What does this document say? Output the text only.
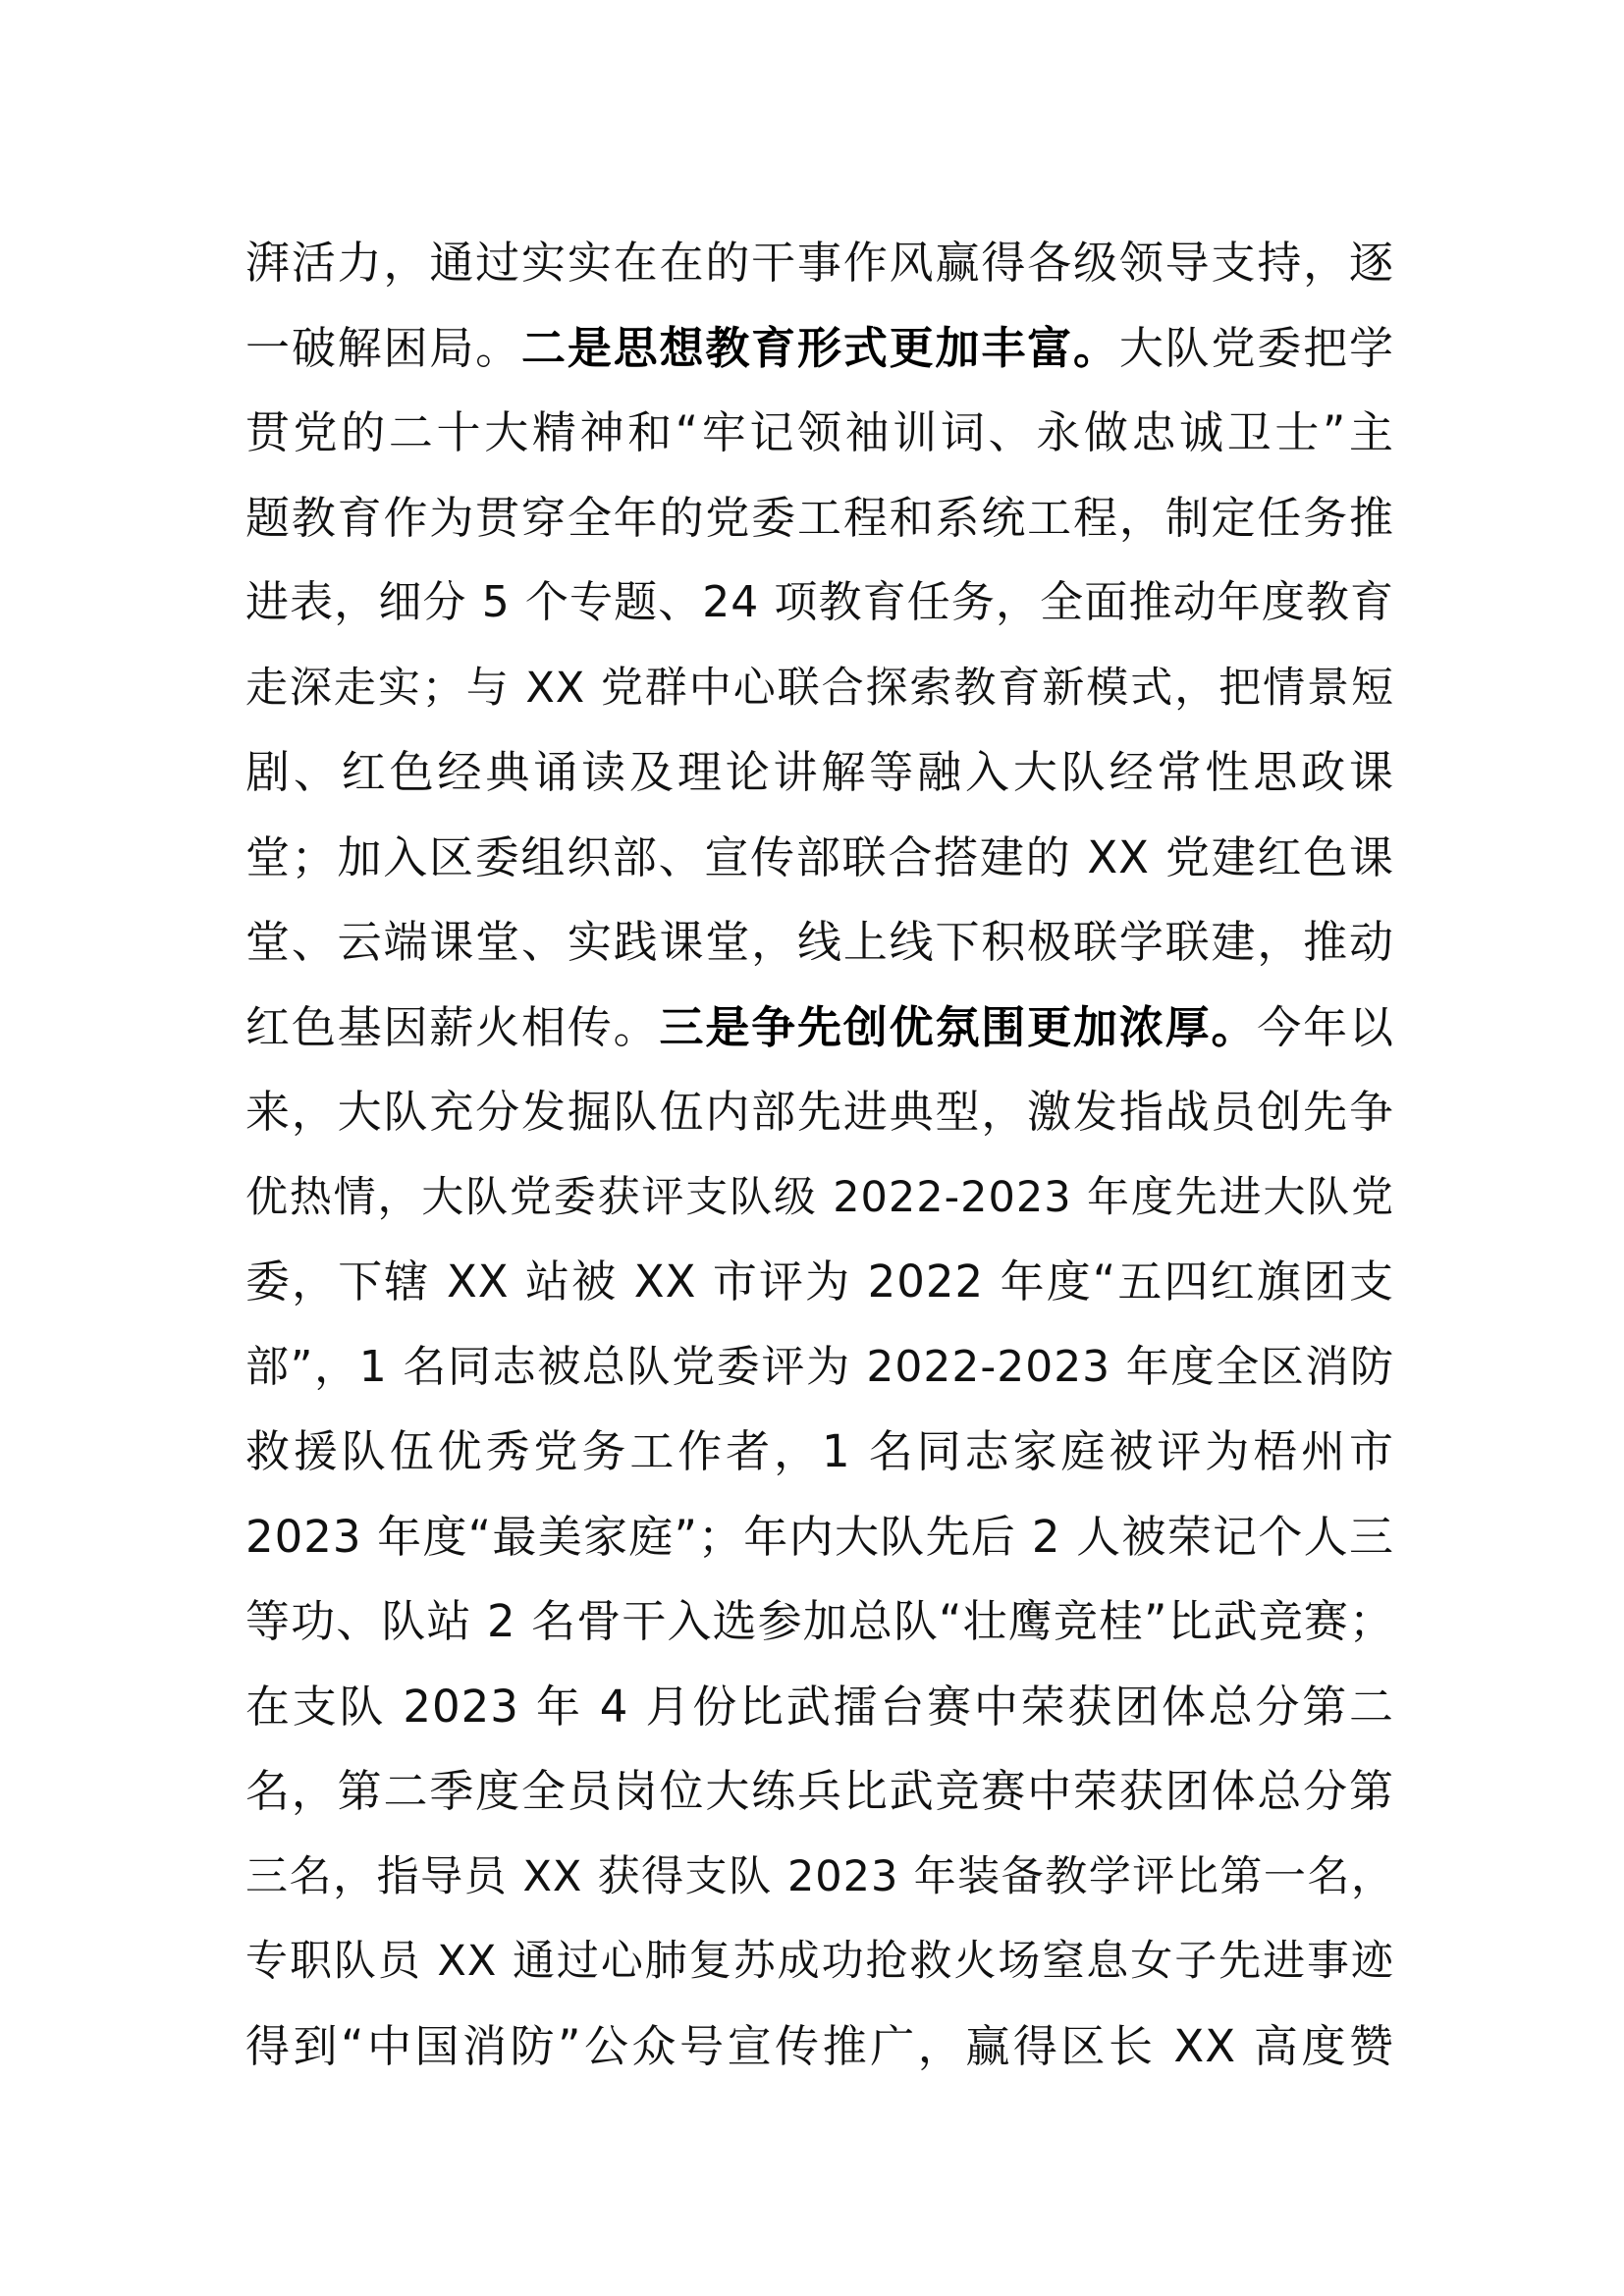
湃活力，通过实实在在的干事作风赢得各级领导支持，逐
一破解困局。二是思想教育形式更加丰富。大队党委把学
贯党的二十大精神和“牢记领袖训词、永做忠诚卫士”主
题教育作为贯穿全年的党委工程和系统工程，制定任务推
进表，细分 5 个专题、24 项教育任务，全面推动年度教育
走深走实；与 XX 党群中心联合探索教育新模式，把情景短
剧、红色经典诵读及理论讲解等融入大队经常性思政课
堂；加入区委组织部、宣传部联合搭建的 XX 党建红色课
堂、云端课堂、实践课堂，线上线下积极联学联建，推动
红色基因薪火相传。三是争先创优氛围更加浓厚。今年以
来，大队充分发掘队伍内部先进典型，激发指战员创先争
优热情，大队党委获评支队级 2022-2023 年度先进大队党
委，下辖 XX 站被 XX 市评为 2022 年度“五四红旗团支
部”，1 名同志被总队党委评为 2022-2023 年度全区消防
救援队伍优秀党务工作者，1 名同志家庭被评为梧州市
2023 年度“最美家庭”；年内大队先后 2 人被荣记个人三
等功、队站 2 名骨干入选参加总队“壮鹰竞桂”比武竞赛；
在支队 2023 年 4 月份比武擂台赛中荣获团体总分第二
名，第二季度全员岗位大练兵比武竞赛中荣获团体总分第
三名，指导员 XX 获得支队 2023 年装备教学评比第一名，
专职队员 XX 通过心肺复苏成功抢救火场窒息女子先进事迹
得到“中国消防”公众号宣传推广，赢得区长 XX 高度赞
